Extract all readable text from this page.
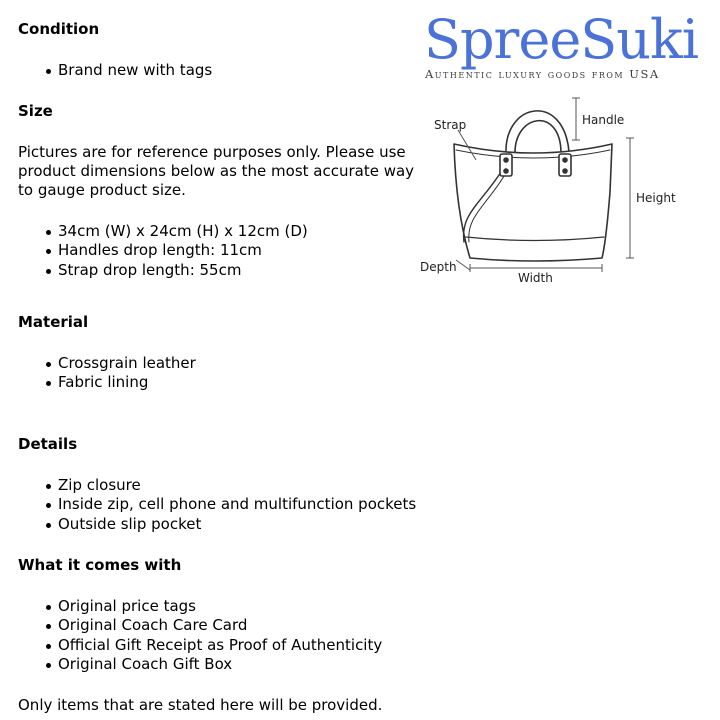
SpreeSuki
Authentic luxury goods from USA
Strap	Handle
Height
Depth
Width
Condition
Brand new with tags
Size
Pictures are for reference purposes only. Please use product dimensions below as the most accurate way to gauge product size.
34cm (W) x 24cm (H) x 12cm (D)
Handles drop length: 11cm
Strap drop length: 55cm
Material
Crossgrain leather
Fabric lining
Details
Zip closure
Inside zip, cell phone and multifunction pockets
Outside slip pocket
What it comes with
Original price tags
Original Coach Care Card
Official Gift Receipt as Proof of Authenticity
Original Coach Gift Box
Only items that are stated here will be provided.
